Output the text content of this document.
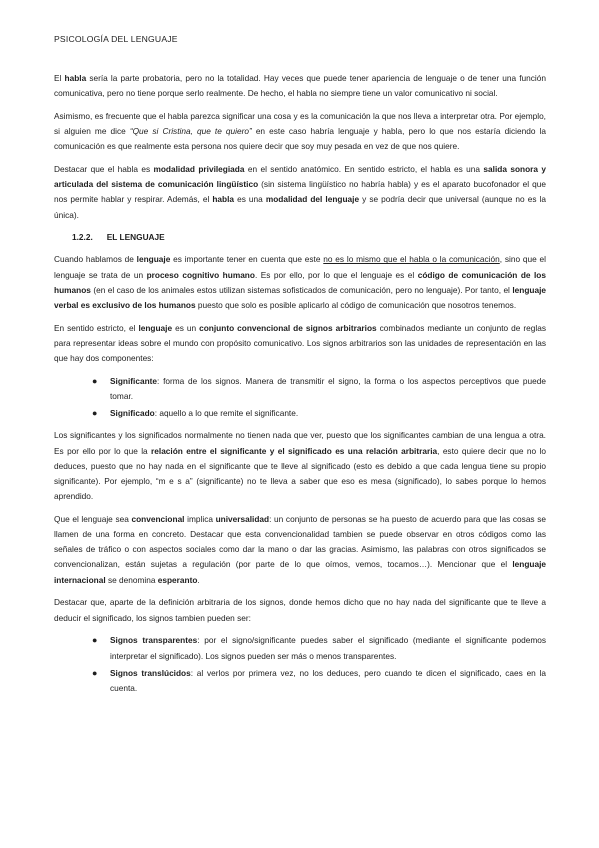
PSICOLOGÍA DEL LENGUAJE

El habla sería la parte probatoria, pero no la totalidad. Hay veces que puede tener apariencia de lenguaje o de tener una función comunicativa, pero no tiene porque serlo realmente. De hecho, el habla no siempre tiene un valor comunicativo ni social.

Asimismo, es frecuente que el habla parezca significar una cosa y es la comunicación la que nos lleva a interpretar otra. Por ejemplo, si alguien me dice “Que si Cristina, que te quiero” en este caso habría lenguaje y habla, pero lo que nos estaría diciendo la comunicación es que realmente esta persona nos quiere decir que soy muy pesada en vez de que nos quiere.

Destacar que el habla es modalidad privilegiada en el sentido anatómico. En sentido estricto, el habla es una salida sonora y articulada del sistema de comunicación lingüístico (sin sistema lingüístico no habría habla) y es el aparato bucofonador el que nos permite hablar y respirar. Además, el habla es una modalidad del lenguaje y se podría decir que universal (aunque no es la única).

1.2.2. EL LENGUAJE

Cuando hablamos de lenguaje es importante tener en cuenta que este no es lo mismo que el habla o la comunicación, sino que el lenguaje se trata de un proceso cognitivo humano. Es por ello, por lo que el lenguaje es el código de comunicación de los humanos (en el caso de los animales estos utilizan sistemas sofisticados de comunicación, pero no lenguaje). Por tanto, el lenguaje verbal es exclusivo de los humanos puesto que solo es posible aplicarlo al código de comunicación que nosotros tenemos.

En sentido estricto, el lenguaje es un conjunto convencional de signos arbitrarios combinados mediante un conjunto de reglas para representar ideas sobre el mundo con propósito comunicativo. Los signos arbitrarios son las unidades de representación en las que hay dos componentes:

● Significante: forma de los signos. Manera de transmitir el signo, la forma o los aspectos perceptivos que puede tomar.
● Significado: aquello a lo que remite el significante.

Los significantes y los significados normalmente no tienen nada que ver, puesto que los significantes cambian de una lengua a otra. Es por ello por lo que la relación entre el significante y el significado es una relación arbitraria, esto quiere decir que no lo deduces, puesto que no hay nada en el significante que te lleve al significado (esto es debido a que cada lengua tiene su propio significante). Por ejemplo, “m e s a” (significante) no te lleva a saber que eso es mesa (significado), lo sabes porque lo hemos aprendido.

Que el lenguaje sea convencional implica universalidad: un conjunto de personas se ha puesto de acuerdo para que las cosas se llamen de una forma en concreto. Destacar que esta convencionalidad tambien se puede observar en otros códigos como las señales de tráfico o con aspectos sociales como dar la mano o dar las gracias. Asimismo, las palabras con otros significados se convencionalizan, están sujetas a regulación (por parte de lo que oímos, vemos, tocamos…). Mencionar que el lenguaje internacional se denomina esperanto.

Destacar que, aparte de la definición arbitraria de los signos, donde hemos dicho que no hay nada del significante que te lleve a deducir el significado, los signos tambien pueden ser:

● Signos transparentes: por el signo/significante puedes saber el significado (mediante el significante podemos interpretar el significado). Los signos pueden ser más o menos transparentes.
● Signos translúcidos: al verlos por primera vez, no los deduces, pero cuando te dicen el significado, caes en la cuenta.
